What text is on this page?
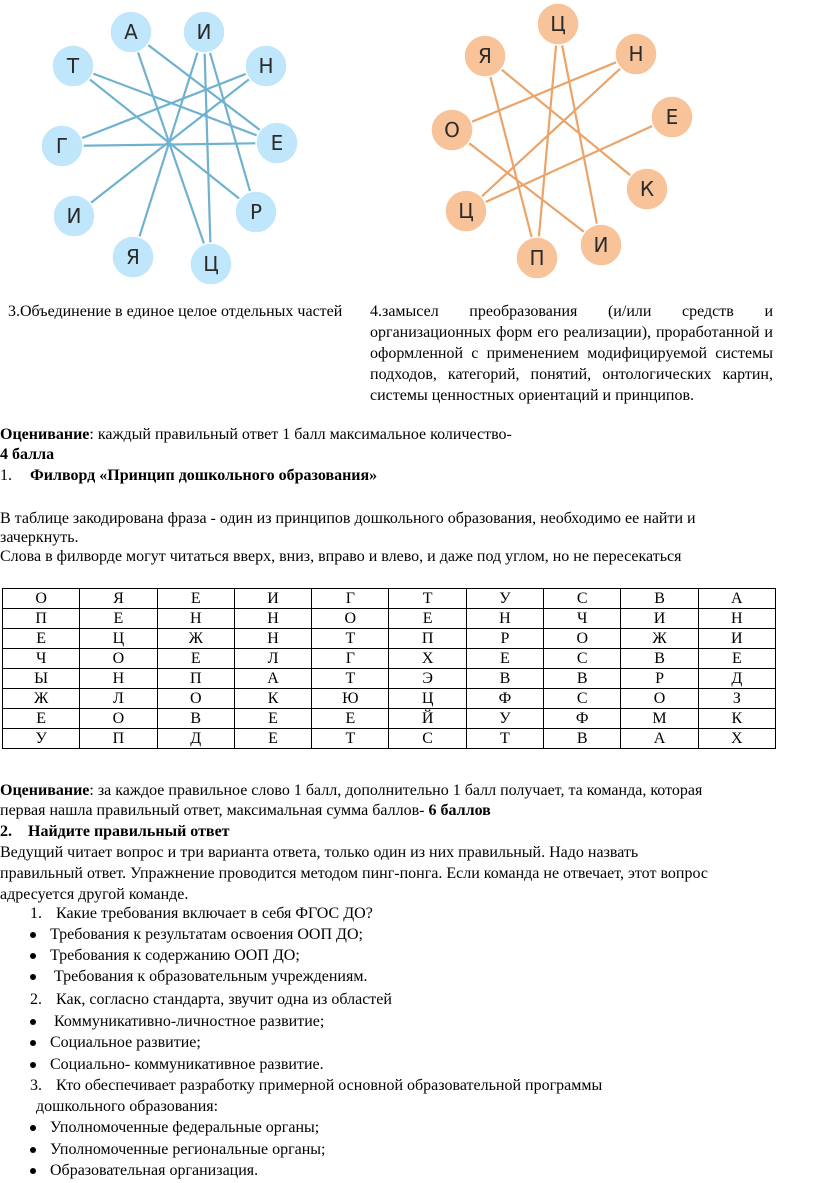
А	И
Н
Е
Р
Ц
Я
И
Г
Т
Ц
Н
Е
К
И
П
Ц
О
Я
3.Объединение в единое целое отдельных частей	4.замысел преобразования (и/или средств и организационных форм его реализации), проработанной и оформленной с применением модифицируемой системы подходов, категорий, понятий, онтологических картин, системы ценностных ориентаций и принципов.
Оценивание: каждый правильный ответ 1 балл максимальное количество-
4 балла
1. Филворд «Принцип дошкольного образования»
В таблице закодирована фраза - один из принципов дошкольного образования, необходимо ее найти и
зачеркнуть.
Слова в филворде могут читаться вверх, вниз, вправо и влево, и даже под углом, но не пересекаться
О	Я	Е	И	Г	Т	У	С	В	А
П	Е	Н	Н	О	Е	Н	Ч	И	Н
Е	Ц	Ж	Н	Т	П	Р	О	Ж	И
Ч	О	Е	Л	Г	Х	Е	С	В	Е
Ы	Н	П	А	Т	Э	В	В	Р	Д
Ж	Л	О	К	Ю	Ц	Ф	С	О	З
Е	О	В	Е	Е	Й	У	Ф	М	К
У	П	Д	Е	Т	С	Т	В	А	Х
Оценивание: за каждое правильное слово 1 балл, дополнительно 1 балл получает, та команда, которая
первая нашла правильный ответ, максимальная сумма баллов- 6 баллов
2. Найдите правильный ответ
Ведущий читает вопрос и три варианта ответа, только один из них правильный. Надо назвать
правильный ответ. Упражнение проводится методом пинг-понга. Если команда не отвечает, этот вопрос
адресуется другой команде.
1. Какие требования включает в себя ФГОС ДО?
Требования к результатам освоения ООП ДО;
Требования к содержанию ООП ДО;
Требования к образовательным учреждениям.
2. Как, согласно стандарта, звучит одна из областей
Коммуникативно-личностное развитие;
Социальное развитие;
Социально- коммуникативное развитие.
3. Кто обеспечивает разработку примерной основной образовательной программы
дошкольного образования:
Уполномоченные федеральные органы;
Уполномоченные региональные органы;
Образовательная организация.
